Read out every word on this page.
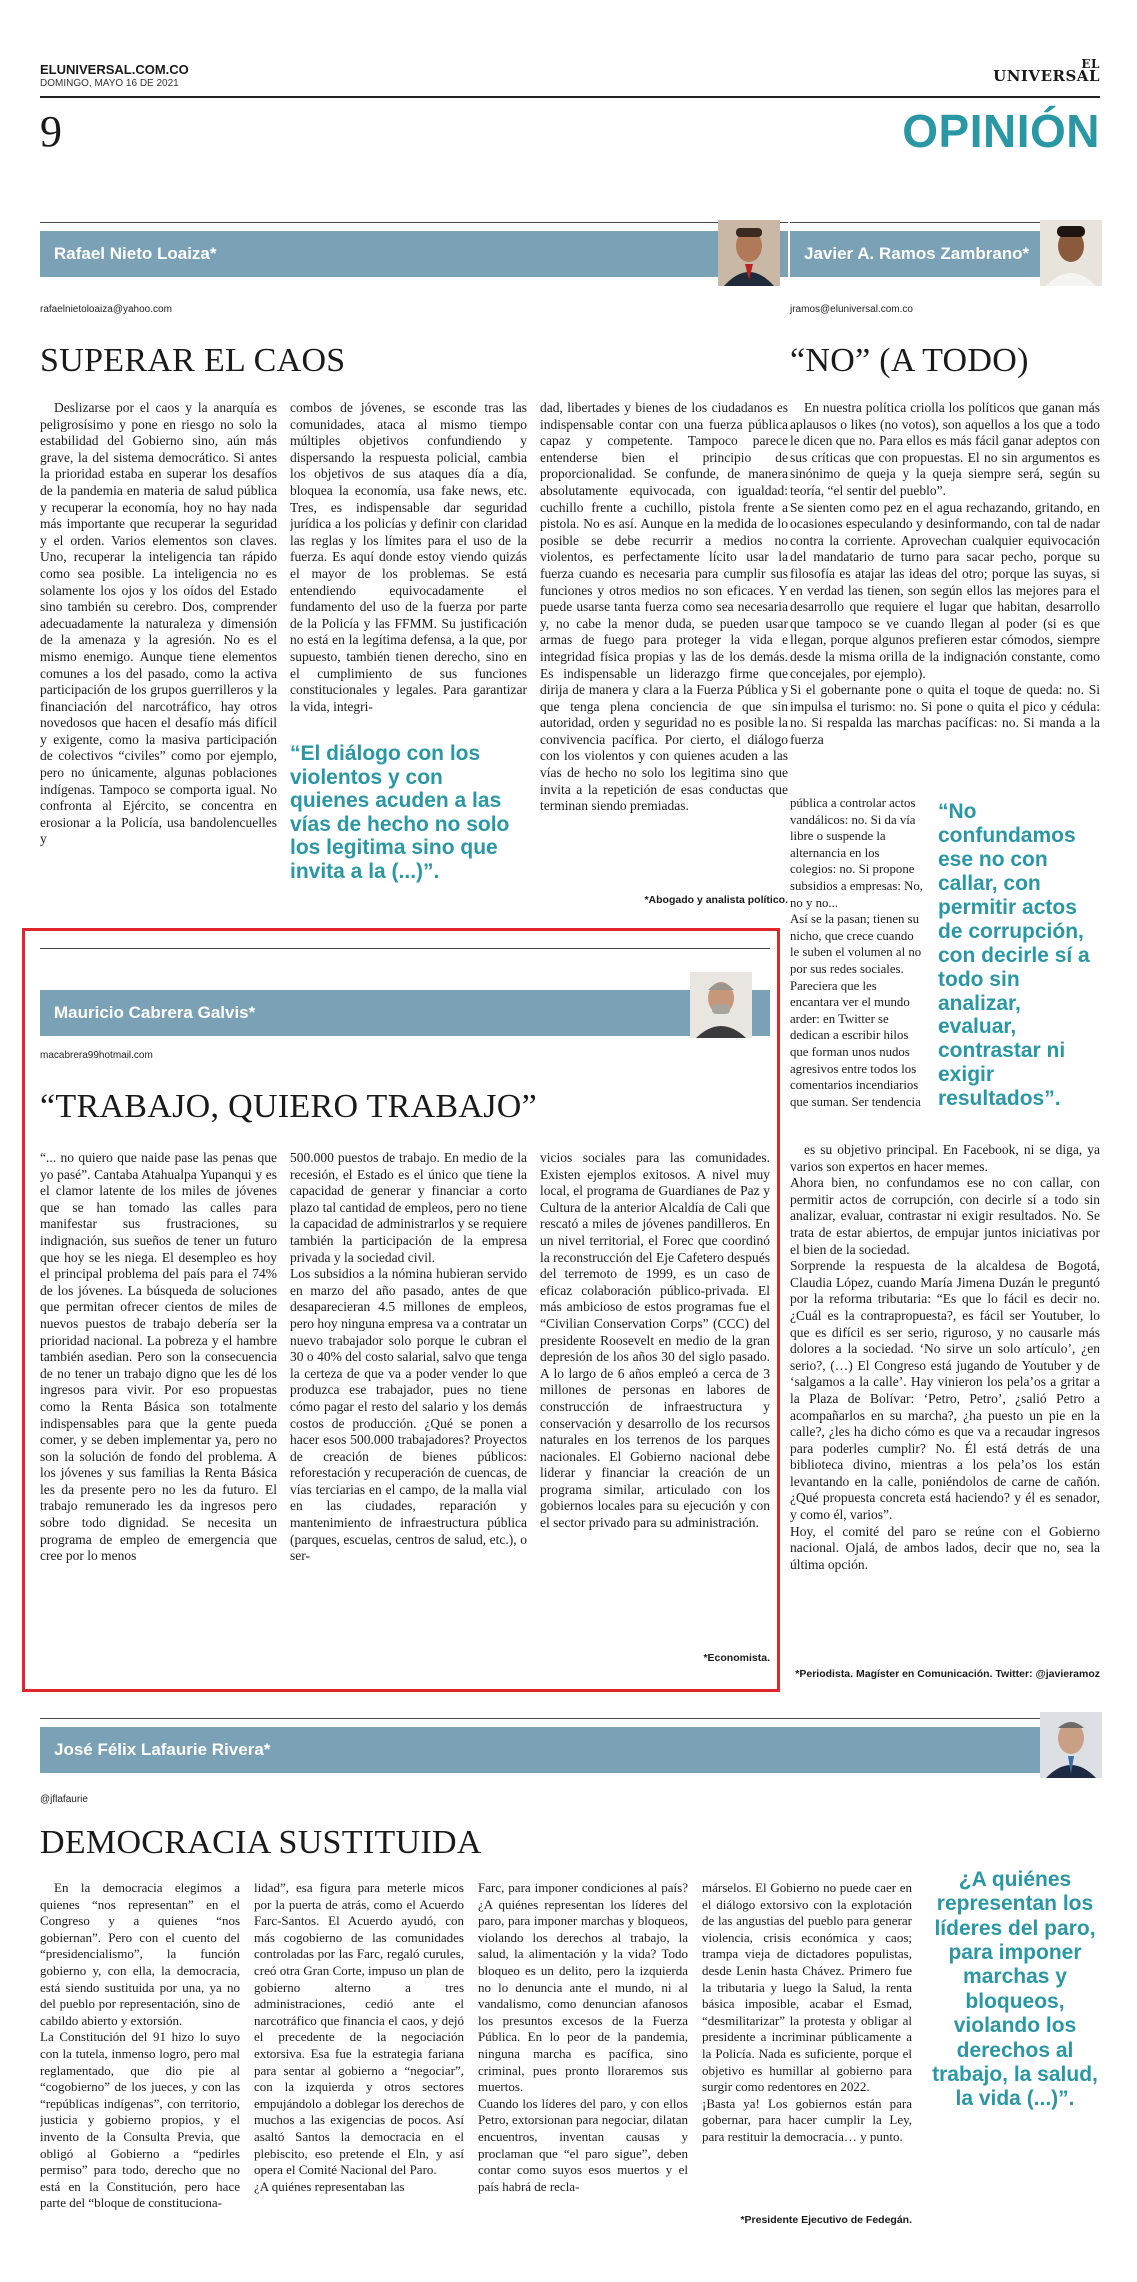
ELUNIVERSAL.COM.CO
DOMINGO, MAYO 16 DE 2021
EL
UNIVERSAL
9	OPINIÓN
Rafael Nieto Loaiza*
rafaelnietoloaiza@yahoo.com
SUPERAR EL CAOS

Deslizarse por el caos y la anarquía es peligrosísimo y pone en riesgo no solo la estabilidad del Gobierno sino, aún más grave, la del sistema democrático. Si antes la prioridad estaba en superar los desafíos de la pandemia en materia de salud pública y recuperar la economía, hoy no hay nada más importante que recuperar la seguridad y el orden. Varios elementos son claves. Uno, recuperar la inteligencia tan rápido como sea posible. La inteligencia no es solamente los ojos y los oídos del Estado sino también su cerebro. Dos, comprender adecuadamente la naturaleza y dimensión de la amenaza y la agresión. No es el mismo enemigo. Aunque tiene elementos comunes a los del pasado, como la activa participación de los grupos guerrilleros y la financiación del narcotráfico, hay otros novedosos que hacen el desafío más difícil y exigente, como la masiva participación de colectivos “civiles” como por ejemplo, pero no únicamente, algunas poblaciones indígenas. Tampoco se comporta igual. No confronta al Ejército, se concentra en erosionar a la Policía, usa bandolencuelles y

combos de jóvenes, se esconde tras las comunidades, ataca al mismo tiempo múltiples objetivos confundiendo y dispersando la respuesta policial, cambia los objetivos de sus ataques día a día, bloquea la economía, usa fake news, etc. Tres, es indispensable dar seguridad jurídica a los policías y definir con claridad las reglas y los límites para el uso de la fuerza. Es aquí donde estoy viendo quizás el mayor de los problemas. Se está entendiendo equivocadamente el fundamento del uso de la fuerza por parte de la Policía y las FFMM. Su justificación no está en la legítima defensa, a la que, por supuesto, también tienen derecho, sino en el cumplimiento de sus funciones constitucionales y legales. Para garantizar la vida, integri-

“El diálogo con los violentos y con quienes acuden a las vías de hecho no solo los legitima sino que invita a la (...)”.

dad, libertades y bienes de los ciudadanos es indispensable contar con una fuerza pública capaz y competente. Tampoco parece entenderse bien el principio de proporcionalidad. Se confunde, de manera absolutamente equivocada, con igualdad: cuchillo frente a cuchillo, pistola frente a pistola. No es así. Aunque en la medida de lo posible se debe recurrir a medios no violentos, es perfectamente lícito usar la fuerza cuando es necesaria para cumplir sus funciones y otros medios no son eficaces. Y puede usarse tanta fuerza como sea necesaria y, no cabe la menor duda, se pueden usar armas de fuego para proteger la vida e integridad física propias y las de los demás. Es indispensable un liderazgo firme que dirija de manera y clara a la Fuerza Pública y que tenga plena conciencia de que sin autoridad, orden y seguridad no es posible la convivencia pacífica. Por cierto, el diálogo con los violentos y con quienes acuden a las vías de hecho no solo los legitima sino que invita a la repetición de esas conductas que terminan siendo premiadas.

*Abogado y analista político.
Javier A. Ramos Zambrano*
jramos@eluniversal.com.co
“NO” (A TODO)

En nuestra política criolla los políticos que ganan más aplausos o likes (no votos), son aquellos a los que a todo le dicen que no. Para ellos es más fácil ganar adeptos con sus críticas que con propuestas. El no sin argumentos es sinónimo de queja y la queja siempre será, según su teoría, “el sentir del pueblo”.
Se sienten como pez en el agua rechazando, gritando, en ocasiones especulando y desinformando, con tal de nadar contra la corriente. Aprovechan cualquier equivocación del mandatario de turno para sacar pecho, porque su filosofía es atajar las ideas del otro; porque las suyas, si en verdad las tienen, son según ellos las mejores para el desarrollo que requiere el lugar que habitan, desarrollo que tampoco se ve cuando llegan al poder (si es que llegan, porque algunos prefieren estar cómodos, siempre desde la misma orilla de la indignación constante, como concejales, por ejemplo).
Si el gobernante pone o quita el toque de queda: no. Si impulsa el turismo: no. Si pone o quita el pico y cédula: no. Si respalda las marchas pacíficas: no. Si manda a la fuerza

pública a controlar actos vandálicos: no. Si da vía libre o suspende la alternancia en los colegios: no. Si propone subsidios a empresas: No, no y no...
Así se la pasan; tienen su nicho, que crece cuando le suben el volumen al no por sus redes sociales. Pareciera que les encantara ver el mundo arder: en Twitter se dedican a escribir hilos que forman unos nudos agresivos entre todos los comentarios incendiarios que suman. Ser tendencia

“No confundamos ese no con callar, con permitir actos de corrupción, con decirle sí a todo sin analizar, evaluar, contrastar ni exigir resultados”.

es su objetivo principal. En Facebook, ni se diga, ya varios son expertos en hacer memes.
Ahora bien, no confundamos ese no con callar, con permitir actos de corrupción, con decirle sí a todo sin analizar, evaluar, contrastar ni exigir resultados. No. Se trata de estar abiertos, de empujar juntos iniciativas por el bien de la sociedad.
Sorprende la respuesta de la alcaldesa de Bogotá, Claudia López, cuando María Jimena Duzán le preguntó por la reforma tributaria: “Es que lo fácil es decir no. ¿Cuál es la contrapropuesta?, es fácil ser Youtuber, lo que es difícil es ser serio, riguroso, y no causarle más dolores a la sociedad. ‘No sirve un solo artículo’, ¿en serio?, (…) El Congreso está jugando de Youtuber y de ‘salgamos a la calle’. Hay vinieron los pela’os a gritar a la Plaza de Bolívar: ‘Petro, Petro’, ¿salió Petro a acompañarlos en su marcha?, ¿ha puesto un pie en la calle?, ¿les ha dicho cómo es que va a recaudar ingresos para poderles cumplir? No. Él está detrás de una biblioteca divino, mientras a los pela’os los están levantando en la calle, poniéndolos de carne de cañón. ¿Qué propuesta concreta está haciendo? y él es senador, y como él, varios”.
Hoy, el comité del paro se reúne con el Gobierno nacional. Ojalá, de ambos lados, decir que no, sea la última opción.

*Periodista. Magíster en Comunicación. Twitter: @javieramoz
Mauricio Cabrera Galvis*
macabrera99hotmail.com
“TRABAJO, QUIERO TRABAJO”

“... no quiero que naide pase las penas que yo pasé”. Cantaba Atahualpa Yupanqui y es el clamor latente de los miles de jóvenes que se han tomado las calles para manifestar sus frustraciones, su indignación, sus sueños de tener un futuro que hoy se les niega. El desempleo es hoy el principal problema del país para el 74% de los jóvenes. La búsqueda de soluciones que permitan ofrecer cientos de miles de nuevos puestos de trabajo debería ser la prioridad nacional. La pobreza y el hambre también asedian. Pero son la consecuencia de no tener un trabajo digno que les dé los ingresos para vivir. Por eso propuestas como la Renta Básica son totalmente indispensables para que la gente pueda comer, y se deben implementar ya, pero no son la solución de fondo del problema. A los jóvenes y sus familias la Renta Básica les da presente pero no les da futuro. El trabajo remunerado les da ingresos pero sobre todo dignidad. Se necesita un programa de empleo de emergencia que cree por lo menos

500.000 puestos de trabajo. En medio de la recesión, el Estado es el único que tiene la capacidad de generar y financiar a corto plazo tal cantidad de empleos, pero no tiene la capacidad de administrarlos y se requiere también la participación de la empresa privada y la sociedad civil.
Los subsidios a la nómina hubieran servido en marzo del año pasado, antes de que desaparecieran 4.5 millones de empleos, pero hoy ninguna empresa va a contratar un nuevo trabajador solo porque le cubran el 30 o 40% del costo salarial, salvo que tenga la certeza de que va a poder vender lo que produzca ese trabajador, pues no tiene cómo pagar el resto del salario y los demás costos de producción. ¿Qué se ponen a hacer esos 500.000 trabajadores? Proyectos de creación de bienes públicos: reforestación y recuperación de cuencas, de vías terciarias en el campo, de la malla vial en las ciudades, reparación y mantenimiento de infraestructura pública (parques, escuelas, centros de salud, etc.), o ser-

vicios sociales para las comunidades. Existen ejemplos exitosos. A nivel muy local, el programa de Guardianes de Paz y Cultura de la anterior Alcaldía de Cali que rescató a miles de jóvenes pandilleros. En un nivel territorial, el Forec que coordinó la reconstrucción del Eje Cafetero después del terremoto de 1999, es un caso de eficaz colaboración público-privada. El más ambicioso de estos programas fue el “Civilian Conservation Corps” (CCC) del presidente Roosevelt en medio de la gran depresión de los años 30 del siglo pasado. A lo largo de 6 años empleó a cerca de 3 millones de personas en labores de construcción de infraestructura y conservación y desarrollo de los recursos naturales en los terrenos de los parques nacionales. El Gobierno nacional debe liderar y financiar la creación de un programa similar, articulado con los gobiernos locales para su ejecución y con el sector privado para su administración.

*Economista.
José Félix Lafaurie Rivera*
@jflafaurie
DEMOCRACIA SUSTITUIDA

En la democracia elegimos a quienes “nos representan” en el Congreso y a quienes “nos gobiernan”. Pero con el cuento del “presidencialismo”, la función gobierno y, con ella, la democracia, está siendo sustituida por una, ya no del pueblo por representación, sino de cabildo abierto y extorsión.
La Constitución del 91 hizo lo suyo con la tutela, inmenso logro, pero mal reglamentado, que dio pie al “cogobierno” de los jueces, y con las “repúblicas indígenas”, con territorio, justicia y gobierno propios, y el invento de la Consulta Previa, que obligó al Gobierno a “pedirles permiso” para todo, derecho que no está en la Constitución, pero hace parte del “bloque de constituciona-

lidad”, esa figura para meterle micos por la puerta de atrás, como el Acuerdo Farc-Santos. El Acuerdo ayudó, con más cogobierno de las comunidades controladas por las Farc, regaló curules, creó otra Gran Corte, impuso un plan de gobierno alterno a tres administraciones, cedió ante el narcotráfico que financia el caos, y dejó el precedente de la negociación extorsiva. Esa fue la estrategia fariana para sentar al gobierno a “negociar”, con la izquierda y otros sectores empujándolo a doblegar los derechos de muchos a las exigencias de pocos. Así asaltó Santos la democracia en el plebiscito, eso pretende el Eln, y así opera el Comité Nacional del Paro.
¿A quiénes representaban las

Farc, para imponer condiciones al país? ¿A quiénes representan los líderes del paro, para imponer marchas y bloqueos, violando los derechos al trabajo, la salud, la alimentación y la vida? Todo bloqueo es un delito, pero la izquierda no lo denuncia ante el mundo, ni al vandalismo, como denuncian afanosos los presuntos excesos de la Fuerza Pública. En lo peor de la pandemia, ninguna marcha es pacífica, sino criminal, pues pronto lloraremos sus muertos.
Cuando los líderes del paro, y con ellos Petro, extorsionan para negociar, dilatan encuentros, inventan causas y proclaman que “el paro sigue”, deben contar como suyos esos muertos y el país habrá de recla-

márselos. El Gobierno no puede caer en el diálogo extorsivo con la explotación de las angustias del pueblo para generar violencia, crisis económica y caos; trampa vieja de dictadores populistas, desde Lenin hasta Chávez. Primero fue la tributaria y luego la Salud, la renta básica imposible, acabar el Esmad, “desmilitarizar” la protesta y obligar al presidente a incriminar públicamente a la Policía. Nada es suficiente, porque el objetivo es humillar al gobierno para surgir como redentores en 2022.
¡Basta ya! Los gobiernos están para gobernar, para hacer cumplir la Ley, para restituir la democracia… y punto.

*Presidente Ejecutivo de Fedegán.
¿A quiénes representan los líderes del paro, para imponer marchas y bloqueos, violando los derechos al trabajo, la salud, la vida (...)”.
